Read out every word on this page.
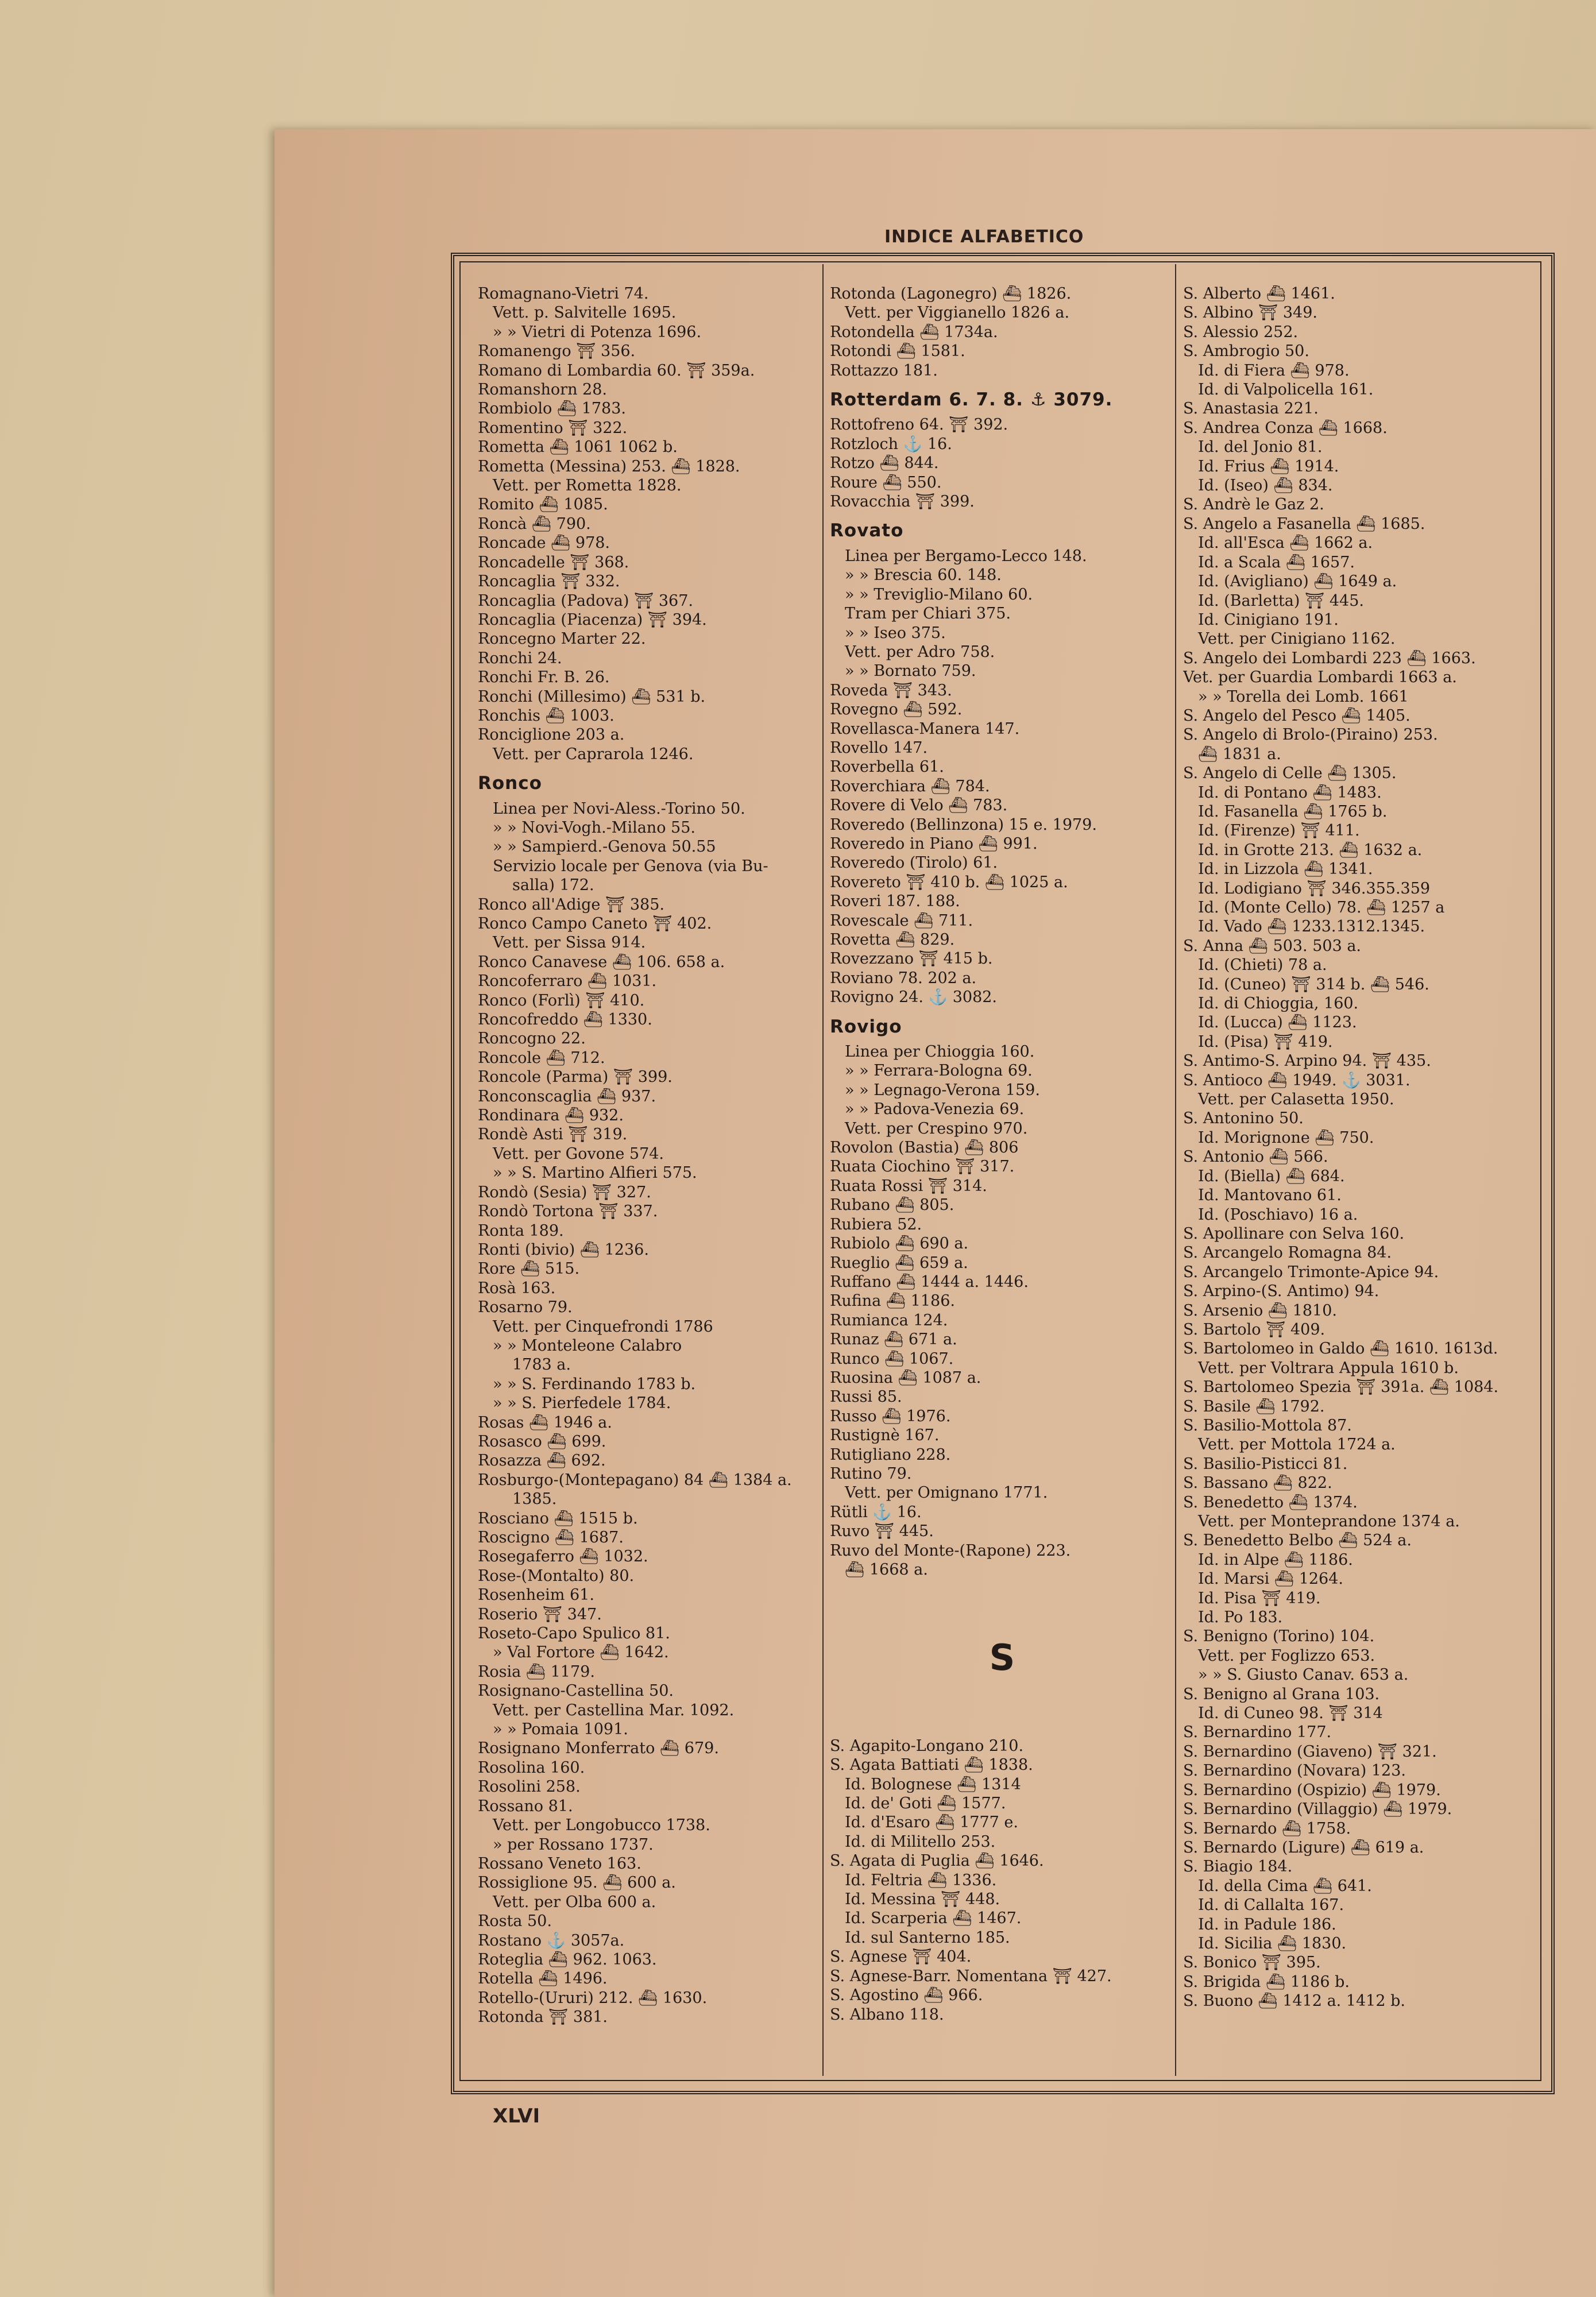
INDICE ALFABETICO
Romagnano-Vietri 74.
Vett. p. Salvitelle 1695.
» » Vietri di Potenza 1696.
Romanengo ⛩ 356.
Romano di Lombardia 60. ⛩ 359a.
Romanshorn 28.
Rombiolo ⛴ 1783.
Romentino ⛩ 322.
Rometta ⛴ 1061 1062 b.
Rometta (Messina) 253. ⛴ 1828.
Vett. per Rometta 1828.
Romito ⛴ 1085.
Roncà ⛴ 790.
Roncade ⛴ 978.
Roncadelle ⛩ 368.
Roncaglia ⛩ 332.
Roncaglia (Padova) ⛩ 367.
Roncaglia (Piacenza) ⛩ 394.
Roncegno Marter 22.
Ronchi 24.
Ronchi Fr. B. 26.
Ronchi (Millesimo) ⛴ 531 b.
Ronchis ⛴ 1003.
Ronciglione 203 a.
Vett. per Caprarola 1246.
Ronco
Linea per Novi-Aless.-Torino 50.
» » Novi-Vogh.-Milano 55.
» » Sampierd.-Genova 50.55
Servizio locale per Genova (via Bu-
salla) 172.
Ronco all'Adige ⛩ 385.
Ronco Campo Caneto ⛩ 402.
Vett. per Sissa 914.
Ronco Canavese ⛴ 106. 658 a.
Roncoferraro ⛴ 1031.
Ronco (Forlì) ⛩ 410.
Roncofreddo ⛴ 1330.
Roncogno 22.
Roncole ⛴ 712.
Roncole (Parma) ⛩ 399.
Ronconscaglia ⛴ 937.
Rondinara ⛴ 932.
Rondè Asti ⛩ 319.
Vett. per Govone 574.
» » S. Martino Alfieri 575.
Rondò (Sesia) ⛩ 327.
Rondò Tortona ⛩ 337.
Ronta 189.
Ronti (bivio) ⛴ 1236.
Rore ⛴ 515.
Rosà 163.
Rosarno 79.
Vett. per Cinquefrondi 1786
» » Monteleone Calabro
1783 a.
» » S. Ferdinando 1783 b.
» » S. Pierfedele 1784.
Rosas ⛴ 1946 a.
Rosasco ⛴ 699.
Rosazza ⛴ 692.
Rosburgo-(Montepagano) 84 ⛴ 1384 a.
1385.
Rosciano ⛴ 1515 b.
Roscigno ⛴ 1687.
Rosegaferro ⛴ 1032.
Rose-(Montalto) 80.
Rosenheim 61.
Roserio ⛩ 347.
Roseto-Capo Spulico 81.
» Val Fortore ⛴ 1642.
Rosia ⛴ 1179.
Rosignano-Castellina 50.
Vett. per Castellina Mar. 1092.
» » Pomaia 1091.
Rosignano Monferrato ⛴ 679.
Rosolina 160.
Rosolini 258.
Rossano 81.
Vett. per Longobucco 1738.
» per Rossano 1737.
Rossano Veneto 163.
Rossiglione 95. ⛴ 600 a.
Vett. per Olba 600 a.
Rosta 50.
Rostano ⚓ 3057a.
Roteglia ⛴ 962. 1063.
Rotella ⛴ 1496.
Rotello-(Ururi) 212. ⛴ 1630.
Rotonda ⛩ 381.
Rotonda (Lagonegro) ⛴ 1826.
Vett. per Viggianello 1826 a.
Rotondella ⛴ 1734a.
Rotondi ⛴ 1581.
Rottazzo 181.
Rotterdam 6. 7. 8. ⚓ 3079.
Rottofreno 64. ⛩ 392.
Rotzloch ⚓ 16.
Rotzo ⛴ 844.
Roure ⛴ 550.
Rovacchia ⛩ 399.
Rovato
Linea per Bergamo-Lecco 148.
» » Brescia 60. 148.
» » Treviglio-Milano 60.
Tram per Chiari 375.
» » Iseo 375.
Vett. per Adro 758.
» » Bornato 759.
Roveda ⛩ 343.
Rovegno ⛴ 592.
Rovellasca-Manera 147.
Rovello 147.
Roverbella 61.
Roverchiara ⛴ 784.
Rovere di Velo ⛴ 783.
Roveredo (Bellinzona) 15 e. 1979.
Roveredo in Piano ⛴ 991.
Roveredo (Tirolo) 61.
Rovereto ⛩ 410 b. ⛴ 1025 a.
Roveri 187. 188.
Rovescale ⛴ 711.
Rovetta ⛴ 829.
Rovezzano ⛩ 415 b.
Roviano 78. 202 a.
Rovigno 24. ⚓ 3082.
Rovigo
Linea per Chioggia 160.
» » Ferrara-Bologna 69.
» » Legnago-Verona 159.
» » Padova-Venezia 69.
Vett. per Crespino 970.
Rovolon (Bastia) ⛴ 806
Ruata Ciochino ⛩ 317.
Ruata Rossi ⛩ 314.
Rubano ⛴ 805.
Rubiera 52.
Rubiolo ⛴ 690 a.
Rueglio ⛴ 659 a.
Ruffano ⛴ 1444 a. 1446.
Rufina ⛴ 1186.
Rumianca 124.
Runaz ⛴ 671 a.
Runco ⛴ 1067.
Ruosina ⛴ 1087 a.
Russi 85.
Russo ⛴ 1976.
Rustignè 167.
Rutigliano 228.
Rutino 79.
Vett. per Omignano 1771.
Rütli ⚓ 16.
Ruvo ⛩ 445.
Ruvo del Monte-(Rapone) 223.
⛴ 1668 a.
S
S. Agapito-Longano 210.
S. Agata Battiati ⛴ 1838.
Id. Bolognese ⛴ 1314
Id. de' Goti ⛴ 1577.
Id. d'Esaro ⛴ 1777 e.
Id. di Militello 253.
S. Agata di Puglia ⛴ 1646.
Id. Feltria ⛴ 1336.
Id. Messina ⛩ 448.
Id. Scarperia ⛴ 1467.
Id. sul Santerno 185.
S. Agnese ⛩ 404.
S. Agnese-Barr. Nomentana ⛩ 427.
S. Agostino ⛴ 966.
S. Albano 118.
S. Alberto ⛴ 1461.
S. Albino ⛩ 349.
S. Alessio 252.
S. Ambrogio 50.
Id. di Fiera ⛴ 978.
Id. di Valpolicella 161.
S. Anastasia 221.
S. Andrea Conza ⛴ 1668.
Id. del Jonio 81.
Id. Frius ⛴ 1914.
Id. (Iseo) ⛴ 834.
S. Andrè le Gaz 2.
S. Angelo a Fasanella ⛴ 1685.
Id. all'Esca ⛴ 1662 a.
Id. a Scala ⛴ 1657.
Id. (Avigliano) ⛴ 1649 a.
Id. (Barletta) ⛩ 445.
Id. Cinigiano 191.
Vett. per Cinigiano 1162.
S. Angelo dei Lombardi 223 ⛴ 1663.
Vet. per Guardia Lombardi 1663 a.
» » Torella dei Lomb. 1661
S. Angelo del Pesco ⛴ 1405.
S. Angelo di Brolo-(Piraino) 253.
⛴ 1831 a.
S. Angelo di Celle ⛴ 1305.
Id. di Pontano ⛴ 1483.
Id. Fasanella ⛴ 1765 b.
Id. (Firenze) ⛩ 411.
Id. in Grotte 213. ⛴ 1632 a.
Id. in Lizzola ⛴ 1341.
Id. Lodigiano ⛩ 346.355.359
Id. (Monte Cello) 78. ⛴ 1257 a
Id. Vado ⛴ 1233.1312.1345.
S. Anna ⛴ 503. 503 a.
Id. (Chieti) 78 a.
Id. (Cuneo) ⛩ 314 b. ⛴ 546.
Id. di Chioggia, 160.
Id. (Lucca) ⛴ 1123.
Id. (Pisa) ⛩ 419.
S. Antimo-S. Arpino 94. ⛩ 435.
S. Antioco ⛴ 1949. ⚓ 3031.
Vett. per Calasetta 1950.
S. Antonino 50.
Id. Morignone ⛴ 750.
S. Antonio ⛴ 566.
Id. (Biella) ⛴ 684.
Id. Mantovano 61.
Id. (Poschiavo) 16 a.
S. Apollinare con Selva 160.
S. Arcangelo Romagna 84.
S. Arcangelo Trimonte-Apice 94.
S. Arpino-(S. Antimo) 94.
S. Arsenio ⛴ 1810.
S. Bartolo ⛩ 409.
S. Bartolomeo in Galdo ⛴ 1610. 1613d.
Vett. per Voltrara Appula 1610 b.
S. Bartolomeo Spezia ⛩ 391a. ⛴ 1084.
S. Basile ⛴ 1792.
S. Basilio-Mottola 87.
Vett. per Mottola 1724 a.
S. Basilio-Pisticci 81.
S. Bassano ⛴ 822.
S. Benedetto ⛴ 1374.
Vett. per Monteprandone 1374 a.
S. Benedetto Belbo ⛴ 524 a.
Id. in Alpe ⛴ 1186.
Id. Marsi ⛴ 1264.
Id. Pisa ⛩ 419.
Id. Po 183.
S. Benigno (Torino) 104.
Vett. per Foglizzo 653.
» » S. Giusto Canav. 653 a.
S. Benigno al Grana 103.
Id. di Cuneo 98. ⛩ 314
S. Bernardino 177.
S. Bernardino (Giaveno) ⛩ 321.
S. Bernardino (Novara) 123.
S. Bernardino (Ospizio) ⛴ 1979.
S. Bernardino (Villaggio) ⛴ 1979.
S. Bernardo ⛴ 1758.
S. Bernardo (Ligure) ⛴ 619 a.
S. Biagio 184.
Id. della Cima ⛴ 641.
Id. di Callalta 167.
Id. in Padule 186.
Id. Sicilia ⛴ 1830.
S. Bonico ⛩ 395.
S. Brigida ⛴ 1186 b.
S. Buono ⛴ 1412 a. 1412 b.
XLVI
